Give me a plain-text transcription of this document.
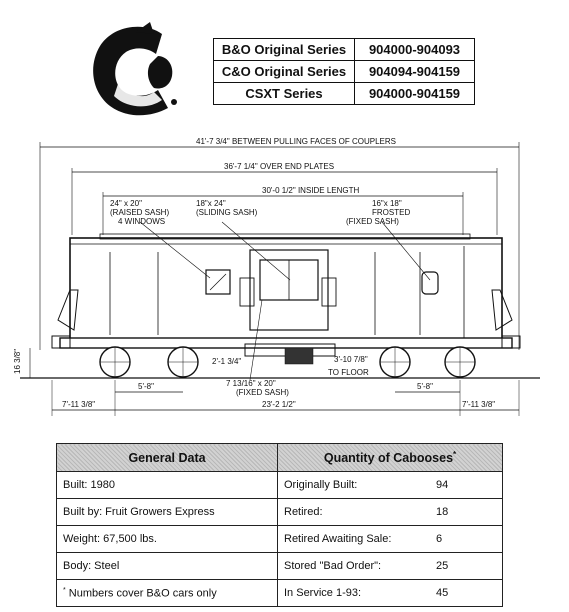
B&O Original Series	904000-904093
C&O Original Series	904094-904159
CSXT Series	904000-904159
41'-7 3/4" BETWEEN PULLING FACES OF COUPLERS
36'-7 1/4" OVER END PLATES
30'-0 1/2" INSIDE LENGTH
24" x 20"
(RAISED SASH)
4 WINDOWS
18"x 24"
(SLIDING SASH)
16"x 18"
FROSTED
(FIXED SASH)
16 3/8"	2'-1 3/4"
5'-8"	5'-8"
7 13/16" x 20"
(FIXED SASH)
3'-10 7/8"
TO FLOOR
7'-11 3/8"	23'-2 1/2"	7'-11 3/8"
General Data	Quantity of Cabooses*
Built: 1980	Originally Built:	94
Built by: Fruit Growers Express	Retired:	18
Weight: 67,500 lbs.	Retired Awaiting Sale:	6
Body: Steel	Stored "Bad Order":	25
* Numbers cover B&O cars only	In Service 1-93:	45
